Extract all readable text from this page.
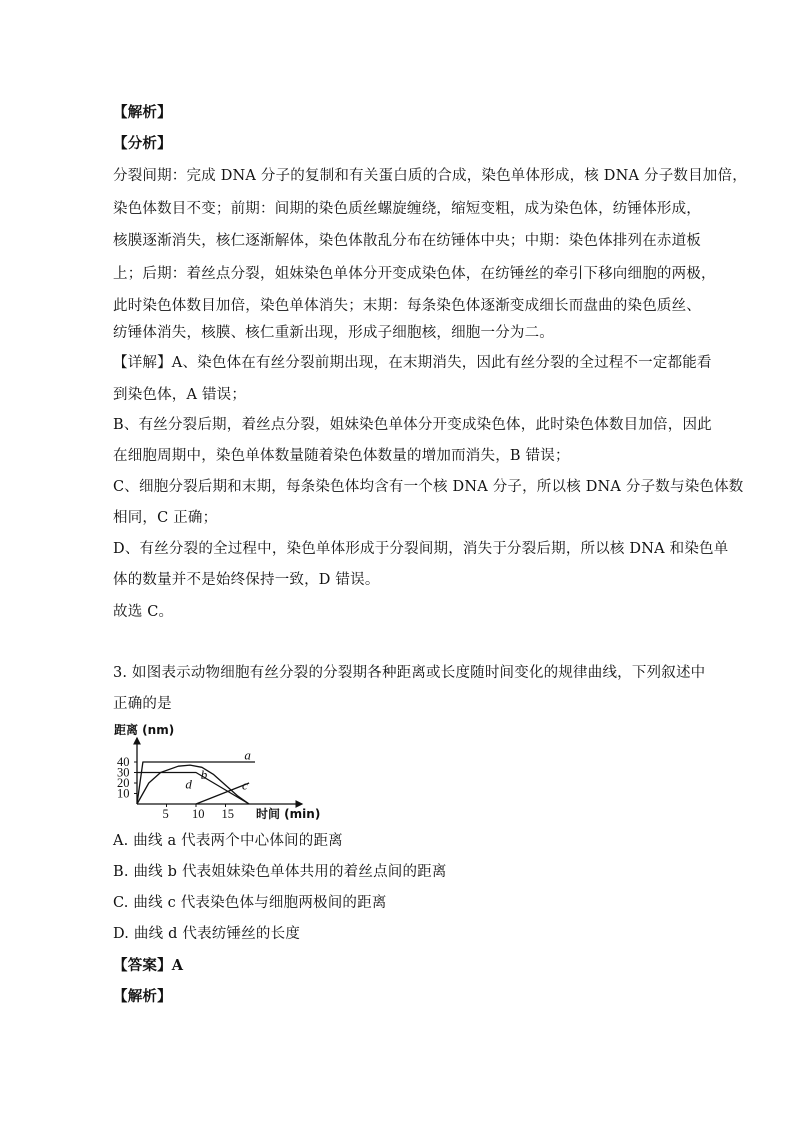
【解析】
【分析】
分裂间期：完成 DNA 分子的复制和有关蛋白质的合成，染色单体形成，核 DNA 分子数目加倍，
染色体数目不变；前期：间期的染色质丝螺旋缠绕，缩短变粗，成为染色体，纺锤体形成，
核膜逐渐消失，核仁逐渐解体，染色体散乱分布在纺锤体中央；中期：染色体排列在赤道板
上；后期：着丝点分裂，姐妹染色单体分开变成染色体，在纺锤丝的牵引下移向细胞的两极，
此时染色体数目加倍，染色单体消失；末期：每条染色体逐渐变成细长而盘曲的染色质丝、
纺锤体消失，核膜、核仁重新出现，形成子细胞核，细胞一分为二。
【详解】A、染色体在有丝分裂前期出现，在末期消失，因此有丝分裂的全过程不一定都能看
到染色体，A 错误；
B、有丝分裂后期，着丝点分裂，姐妹染色单体分开变成染色体，此时染色体数目加倍，因此
在细胞周期中，染色单体数量随着染色体数量的增加而消失，B 错误；
C、细胞分裂后期和末期，每条染色体均含有一个核 DNA 分子，所以核 DNA 分子数与染色体数
相同，C 正确；
D、有丝分裂的全过程中，染色单体形成于分裂间期，消失于分裂后期，所以核 DNA 和染色单
体的数量并不是始终保持一致，D 错误。
故选 C。
3. 如图表示动物细胞有丝分裂的分裂期各种距离或长度随时间变化的规律曲线，下列叙述中
正确的是
10
20
30
40
5 10 15
距离 (nm)
时间 (min)
a
b
c
d
A. 曲线 a 代表两个中心体间的距离
B. 曲线 b 代表姐妹染色单体共用的着丝点间的距离
C. 曲线 c 代表染色体与细胞两极间的距离
D. 曲线 d 代表纺锤丝的长度
【答案】A
【解析】
